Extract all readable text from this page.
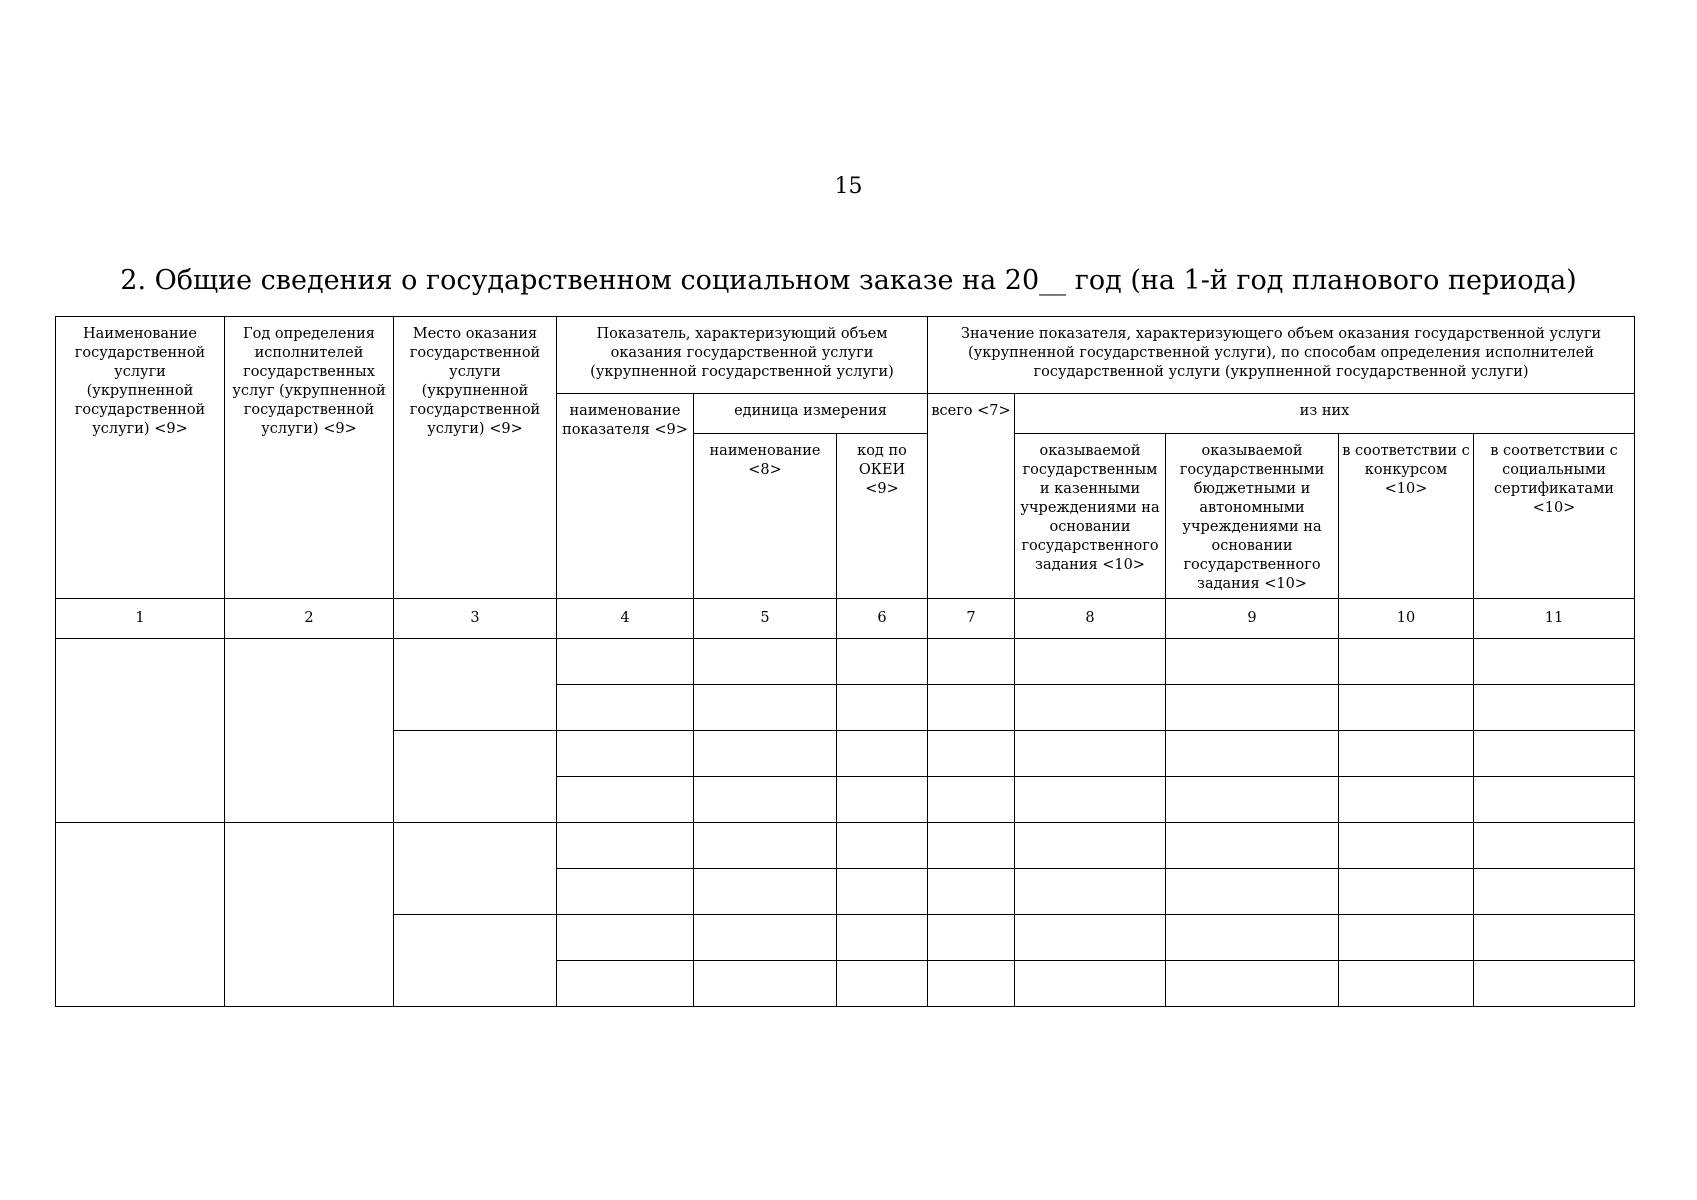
15
2. Общие сведения о государственном социальном заказе на 20__ год (на 1-й год планового периода)
Наименование государственной услуги (укрупненной государственной услуги) <9>	Год определения исполнителей государственных услуг (укрупненной государственной услуги) <9>	Место оказания государственной услуги (укрупненной государственной услуги) <9>	Показатель, характеризующий объем оказания государственной услуги (укрупненной государственной услуги)			Значение показателя, характеризующего объем оказания государственной услуги (укрупненной государственной услуги), по способам определения исполнителей государственной услуги (укрупненной государственной услуги)				
			наименование показателя <9>	единица измерения		всего <7>	из них			
				наименование <8>	код по ОКЕИ <9>		оказываемой государственными казенными учреждениями на основании государственного задания <10>	оказываемой государственными бюджетными и автономными учреждениями на основании государственного задания <10>	в соответствии с конкурсом <10>	в соответствии с социальными сертификатами <10>
1	2	3	4	5	6	7	8	9	10	11
